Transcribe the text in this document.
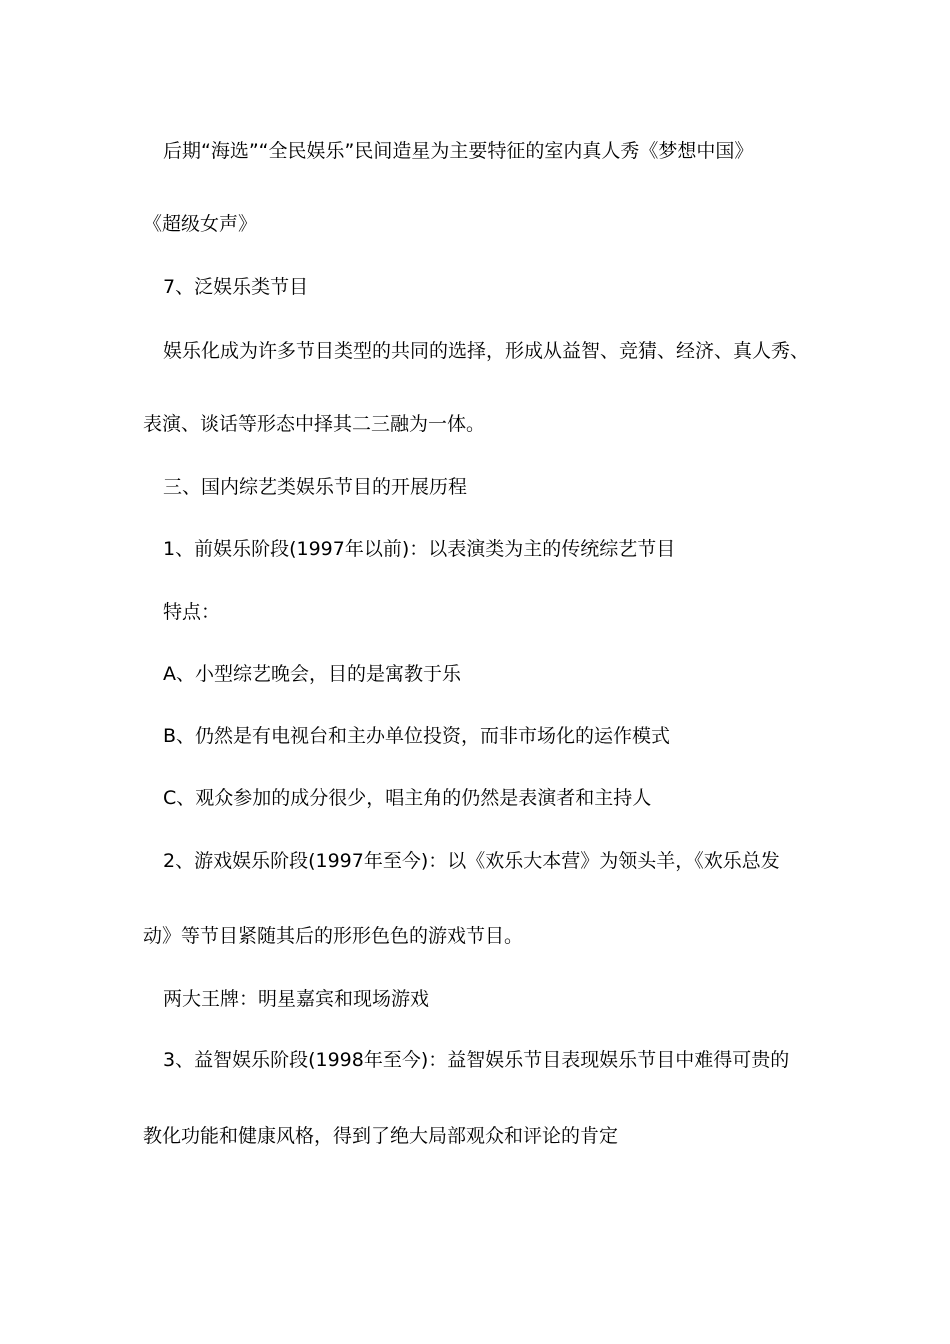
后期“海选”“全民娱乐”民间造星为主要特征的室内真人秀《梦想中国》
《超级女声》
7、泛娱乐类节目
娱乐化成为许多节目类型的共同的选择，形成从益智、竞猜、经济、真人秀、
表演、谈话等形态中择其二三融为一体。
三、国内综艺类娱乐节目的开展历程
1、前娱乐阶段(1997年以前)：以表演类为主的传统综艺节目
特点：
A、小型综艺晚会，目的是寓教于乐
B、仍然是有电视台和主办单位投资，而非市场化的运作模式
C、观众参加的成分很少，唱主角的仍然是表演者和主持人
2、游戏娱乐阶段(1997年至今)：以《欢乐大本营》为领头羊，《欢乐总发
动》等节目紧随其后的形形色色的游戏节目。
两大王牌：明星嘉宾和现场游戏
3、益智娱乐阶段(1998年至今)：益智娱乐节目表现娱乐节目中难得可贵的
教化功能和健康风格，得到了绝大局部观众和评论的肯定
